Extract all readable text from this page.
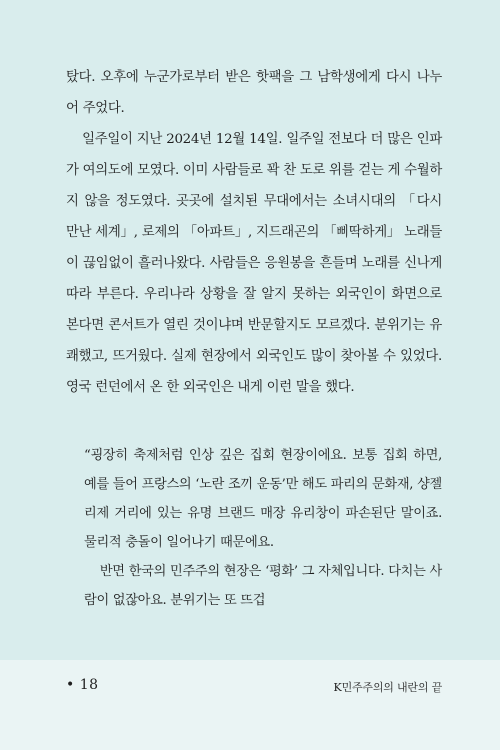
탔다. 오후에 누군가로부터 받은 핫팩을 그 남학생에게 다시 나누어 주었다.

일주일이 지난 2024년 12월 14일. 일주일 전보다 더 많은 인파가 여의도에 모였다. 이미 사람들로 꽉 찬 도로 위를 걷는 게 수월하지 않을 정도였다. 곳곳에 설치된 무대에서는 소녀시대의 「다시 만난 세계」, 로제의 「아파트」, 지드래곤의 「삐딱하게」 노래들이 끊임없이 흘러나왔다. 사람들은 응원봉을 흔들며 노래를 신나게 따라 부른다. 우리나라 상황을 잘 알지 못하는 외국인이 화면으로 본다면 콘서트가 열린 것이냐며 반문할지도 모르겠다. 분위기는 유쾌했고, 뜨거웠다. 실제 현장에서 외국인도 많이 찾아볼 수 있었다. 영국 런던에서 온 한 외국인은 내게 이런 말을 했다.

“굉장히 축제처럼 인상 깊은 집회 현장이에요. 보통 집회 하면, 예를 들어 프랑스의 ‘노란 조끼 운동’만 해도 파리의 문화재, 샹젤리제 거리에 있는 유명 브랜드 매장 유리창이 파손된단 말이죠. 물리적 충돌이 일어나기 때문에요.

반면 한국의 민주주의 현장은 ‘평화’ 그 자체입니다. 다치는 사람이 없잖아요. 분위기는 또 뜨겁

• 18	K민주주의의 내란의 끝
